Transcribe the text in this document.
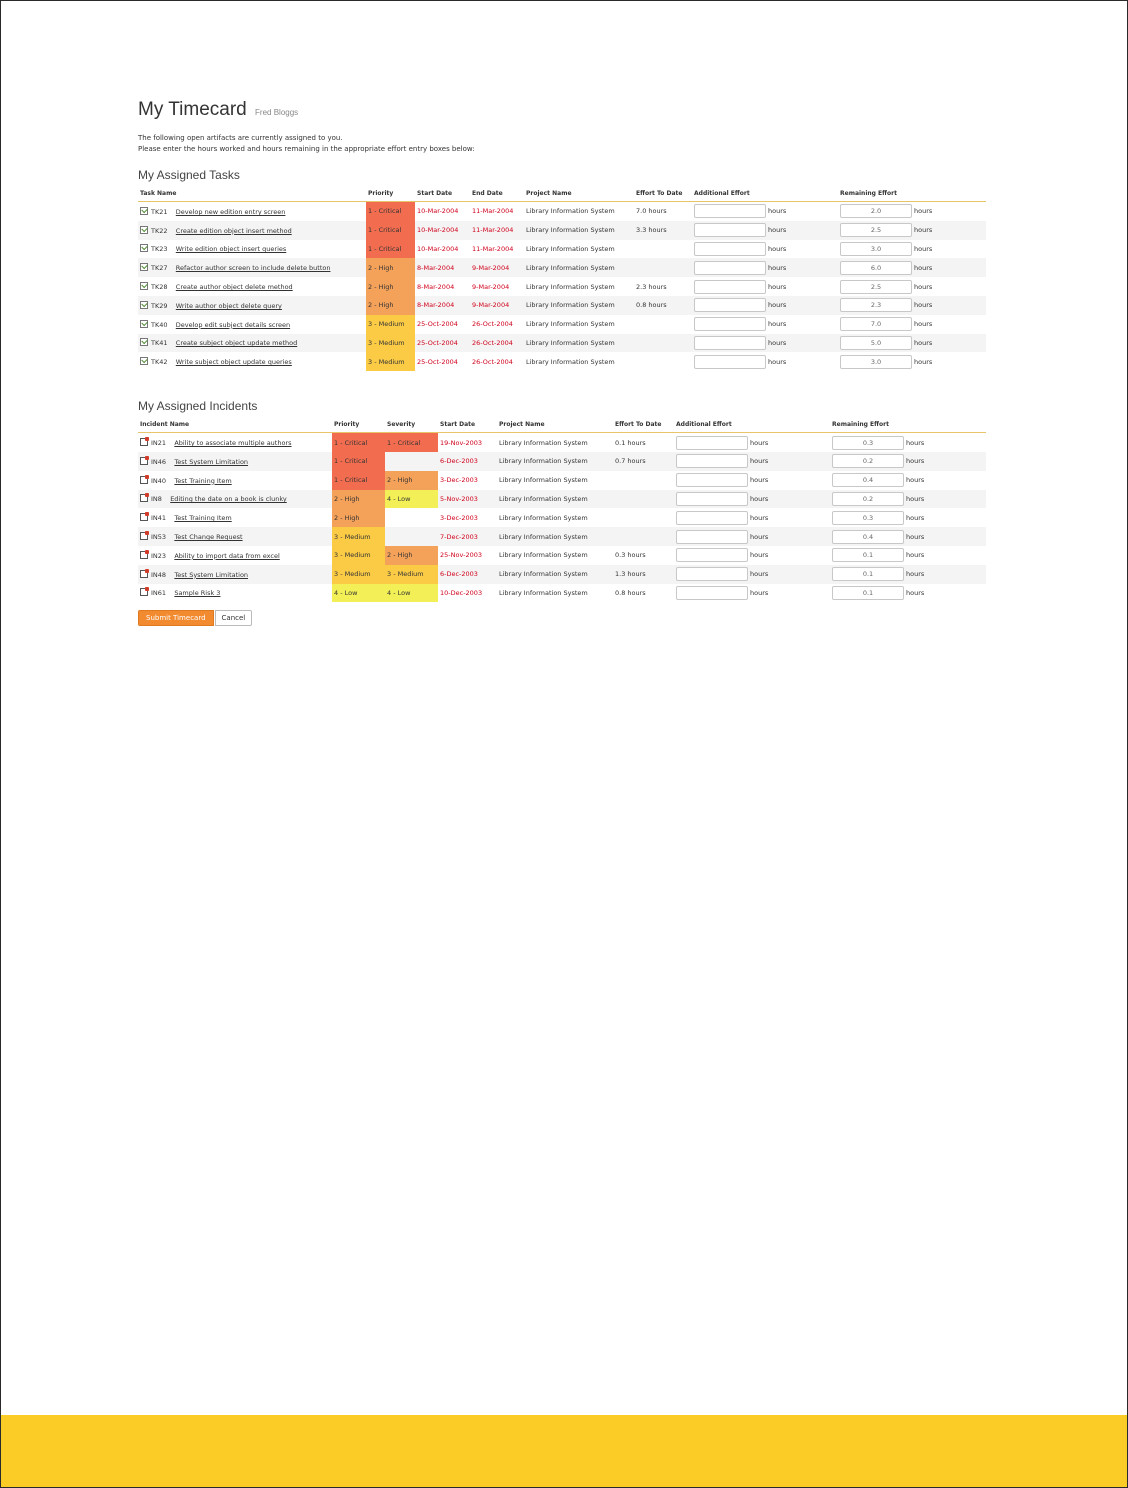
My Timecard Fred Bloggs
The following open artifacts are currently assigned to you.
Please enter the hours worked and hours remaining in the appropriate effort entry boxes below:
My Assigned Tasks
Task Name	Priority	Start Date	End Date	Project Name	Effort To Date	Additional Effort	Remaining Effort
TK21 Develop new edition entry screen	1 - Critical	10-Mar-2004	11-Mar-2004	Library Information System	7.0 hours	hours	2.0hours
TK22 Create edition object insert method	1 - Critical	10-Mar-2004	11-Mar-2004	Library Information System	3.3 hours	hours	2.5hours
TK23 Write edition object insert queries	1 - Critical	10-Mar-2004	11-Mar-2004	Library Information System		hours	3.0hours
TK27 Refactor author screen to include delete button	2 - High	8-Mar-2004	9-Mar-2004	Library Information System		hours	6.0hours
TK28 Create author object delete method	2 - High	8-Mar-2004	9-Mar-2004	Library Information System	2.3 hours	hours	2.5hours
TK29 Write author object delete query	2 - High	8-Mar-2004	9-Mar-2004	Library Information System	0.8 hours	hours	2.3hours
TK40 Develop edit subject details screen	3 - Medium	25-Oct-2004	26-Oct-2004	Library Information System		hours	7.0hours
TK41 Create subject object update method	3 - Medium	25-Oct-2004	26-Oct-2004	Library Information System		hours	5.0hours
TK42 Write subject object update queries	3 - Medium	25-Oct-2004	26-Oct-2004	Library Information System		hours	3.0hours
My Assigned Incidents
Incident Name	Priority	Severity	Start Date	Project Name	Effort To Date	Additional Effort	Remaining Effort
IN21 Ability to associate multiple authors	1 - Critical	1 - Critical	19-Nov-2003	Library Information System	0.1 hours	hours	0.3hours
IN46 Test System Limitation	1 - Critical		6-Dec-2003	Library Information System	0.7 hours	hours	0.2hours
IN40 Test Training Item	1 - Critical	2 - High	3-Dec-2003	Library Information System		hours	0.4hours
IN8 Editing the date on a book is clunky	2 - High	4 - Low	5-Nov-2003	Library Information System		hours	0.2hours
IN41 Test Training Item	2 - High		3-Dec-2003	Library Information System		hours	0.3hours
IN53 Test Change Request	3 - Medium		7-Dec-2003	Library Information System		hours	0.4hours
IN23 Ability to import data from excel	3 - Medium	2 - High	25-Nov-2003	Library Information System	0.3 hours	hours	0.1hours
IN48 Test System Limitation	3 - Medium	3 - Medium	6-Dec-2003	Library Information System	1.3 hours	hours	0.1hours
IN61 Sample Risk 3	4 - Low	4 - Low	10-Dec-2003	Library Information System	0.8 hours	hours	0.1hours
Submit Timecard	Cancel
